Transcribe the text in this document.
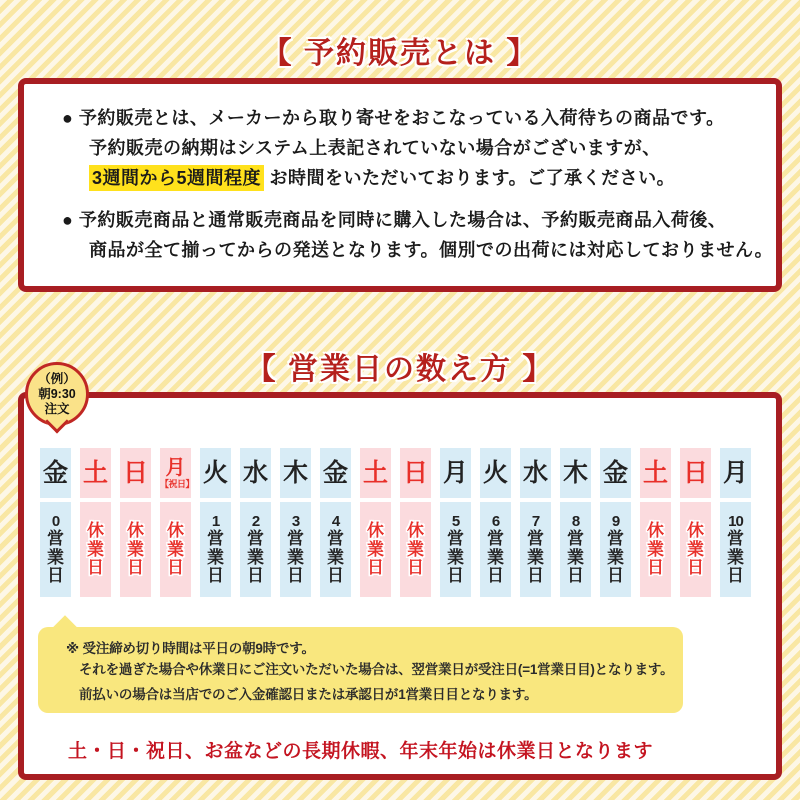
【 予約販売とは 】
● 予約販売とは、メーカーから取り寄せをおこなっている入荷待ちの商品です。
予約販売の納期はシステム上表記されていない場合がございますが、
3週間から5週間程度 お時間をいただいております。ご了承ください。
● 予約販売商品と通常販売商品を同時に購入した場合は、予約販売商品入荷後、
商品が全て揃ってからの発送となります。個別での出荷には対応しておりません。
【 営業日の数え方 】
（例）
朝9:30
注文
金
0
営
業
日
土
休
業
日
日
休
業
日
月
【祝日】
休
業
日
火
1
営
業
日
水
2
営
業
日
木
3
営
業
日
金
4
営
業
日
土
休
業
日
日
休
業
日
月
5
営
業
日
火
6
営
業
日
水
7
営
業
日
木
8
営
業
日
金
9
営
業
日
土
休
業
日
日
休
業
日
月
10
営
業
日
※ 受注締め切り時間は平日の朝9時です。
それを過ぎた場合や休業日にご注文いただいた場合は、翌営業日が受注日(=1営業日目)となります。
前払いの場合は当店でのご入金確認日または承認日が1営業日目となります。
土・日・祝日、お盆などの長期休暇、年末年始は休業日となります
